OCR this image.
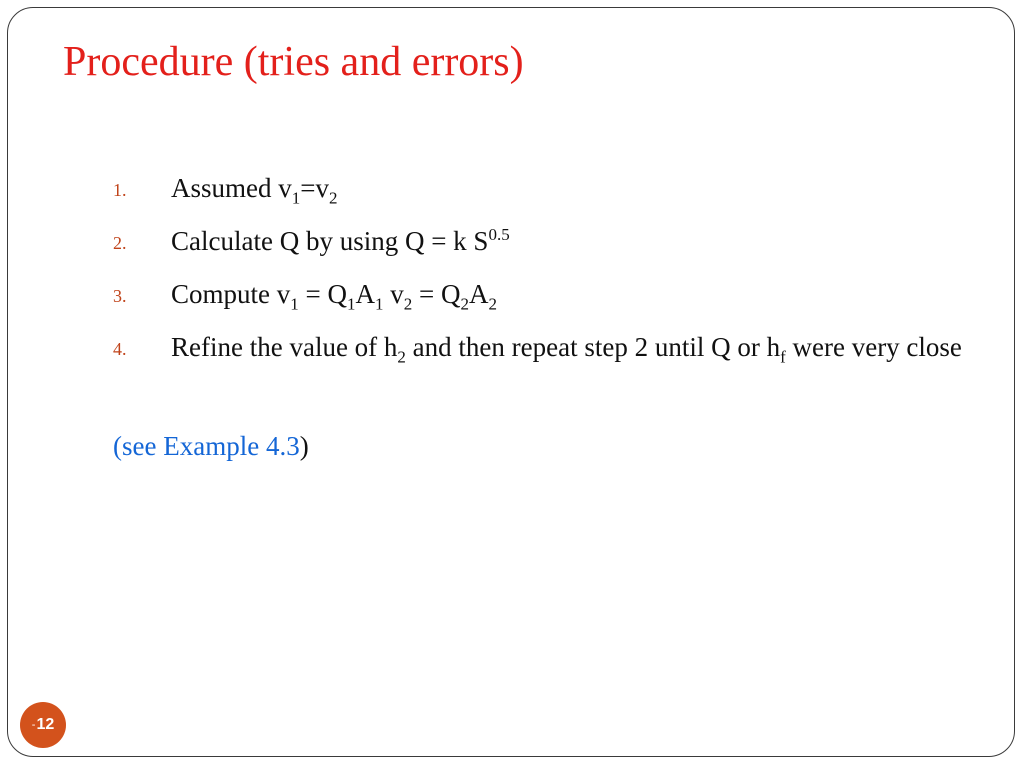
Procedure (tries and errors)
1. Assumed $v_1=v_2$
2. Calculate Q by using Q = k $S^{0.5}$
3. Compute $v_1 = Q_1A_1$ $v_2 = Q_2A_2$
4. Refine the value of $h_2$ and then repeat step 2 until Q or $h_f$ were very close
(see Example 4.3)
- 12
